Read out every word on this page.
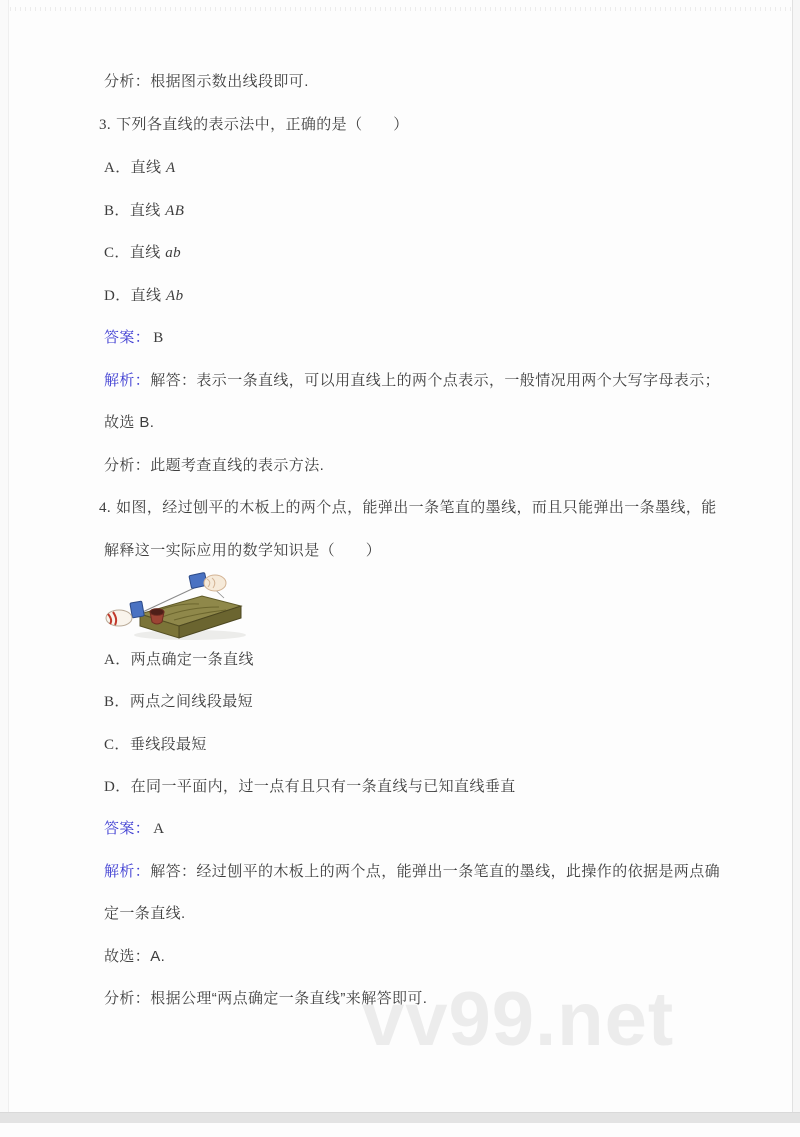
vv99.net
分析：根据图示数出线段即可.
3. 下列各直线的表示法中，正确的是（　　）
A．直线 A
B．直线 AB
C．直线 ab
D．直线 Ab
答案： B
解析：解答：表示一条直线，可以用直线上的两个点表示，一般情况用两个大写字母表示；
故选 B.
分析：此题考查直线的表示方法.
4. 如图，经过刨平的木板上的两个点，能弹出一条笔直的墨线，而且只能弹出一条墨线，能
解释这一实际应用的数学知识是（　　）
A．两点确定一条直线
B．两点之间线段最短
C．垂线段最短
D．在同一平面内，过一点有且只有一条直线与已知直线垂直
答案： A
解析：解答：经过刨平的木板上的两个点，能弹出一条笔直的墨线，此操作的依据是两点确
定一条直线.
故选：A.
分析：根据公理“两点确定一条直线”来解答即可.
